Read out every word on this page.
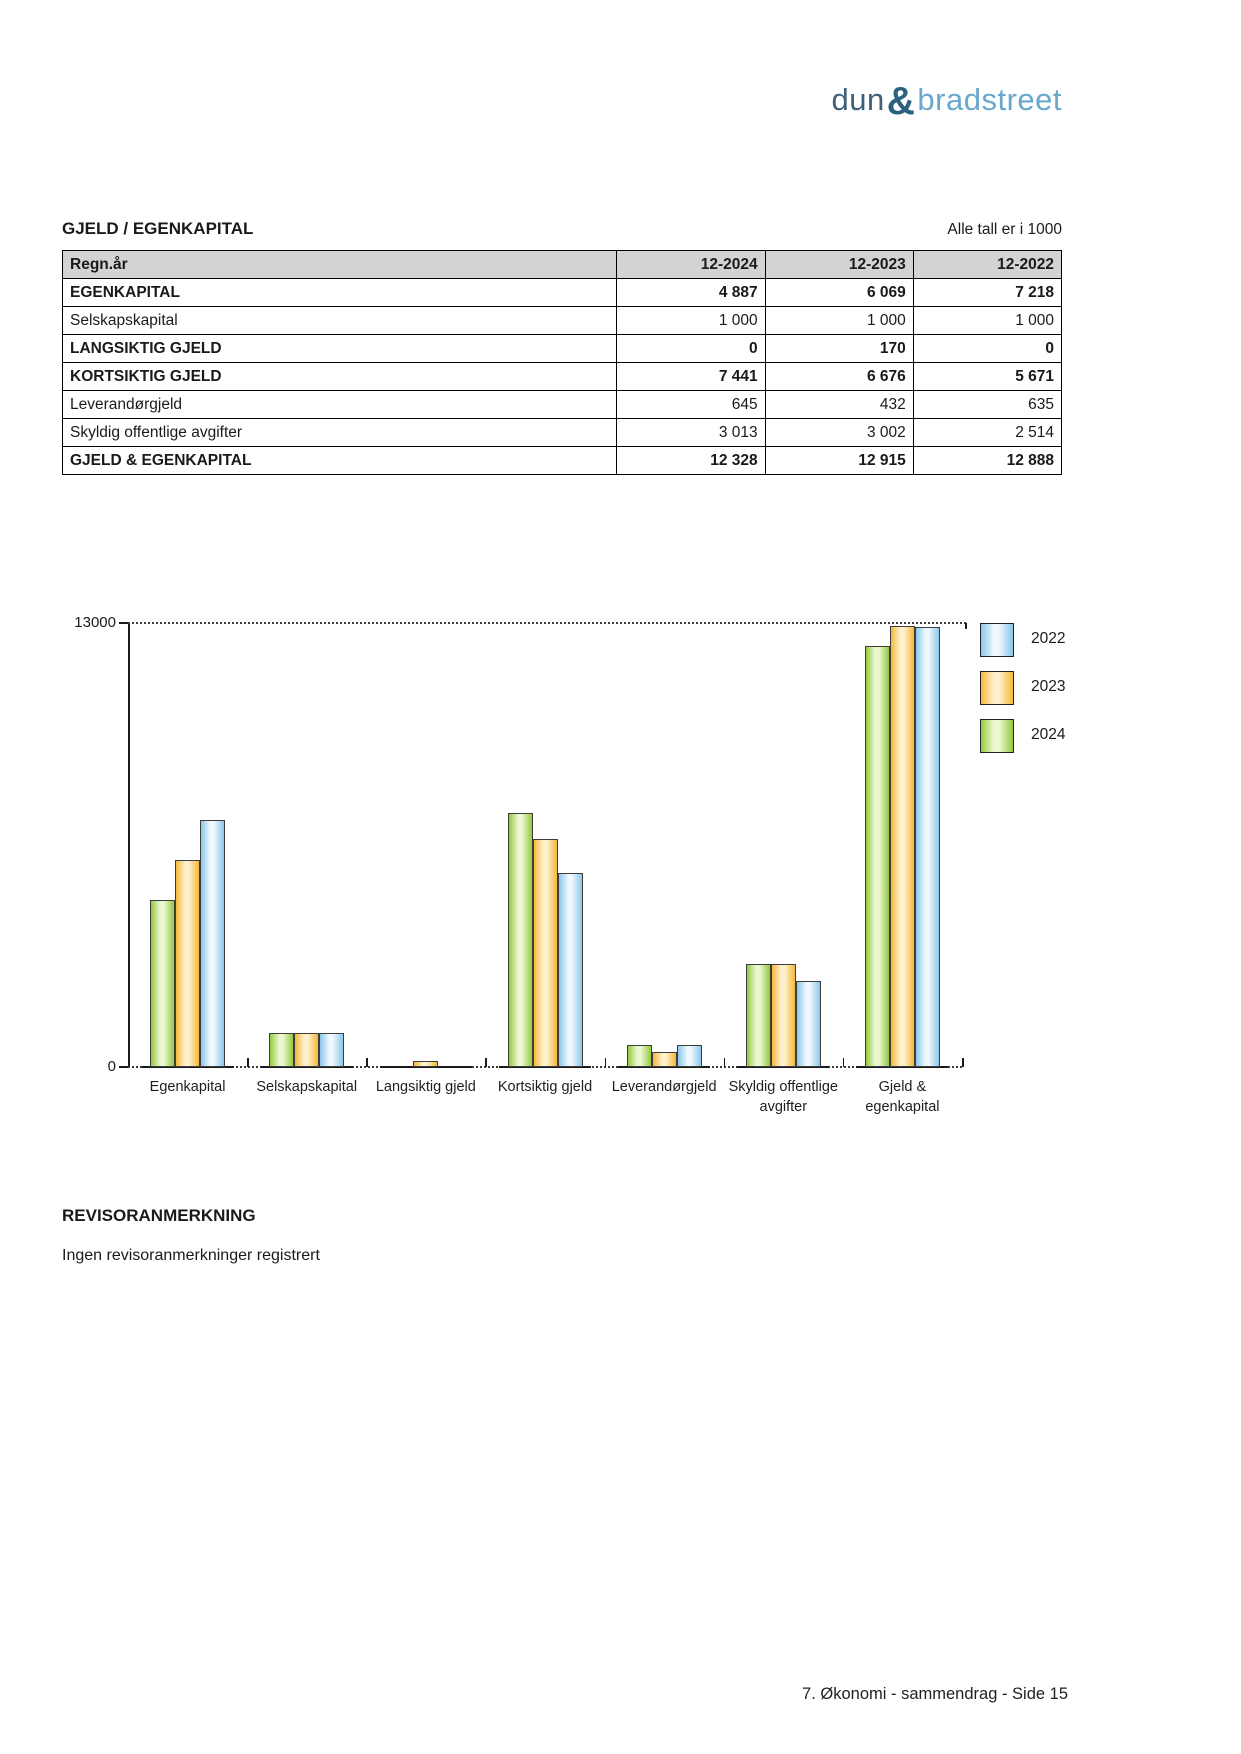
dun&bradstreet
GJELD / EGENKAPITAL	Alle tall er i 1000
Regn.år	12-2024	12-2023	12-2022
EGENKAPITAL	4 887	6 069	7 218
Selskapskapital	1 000	1 000	1 000
LANGSIKTIG GJELD	0	170	0
KORTSIKTIG GJELD	7 441	6 676	5 671
Leverandørgjeld	645	432	635
Skyldig offentlige avgifter	3 013	3 002	2 514
GJELD & EGENKAPITAL	12 328	12 915	12 888
0
13000
Egenkapital	Selskapskapital	Langsiktig gjeld	Kortsiktig gjeld	Leverandørgjeld Skyldig offentlige
avgifter
Gjeld &
egenkapital
2022
2023
2024
REVISORANMERKNING
Ingen revisoranmerkninger registrert
7. Økonomi - sammendrag - Side 15
